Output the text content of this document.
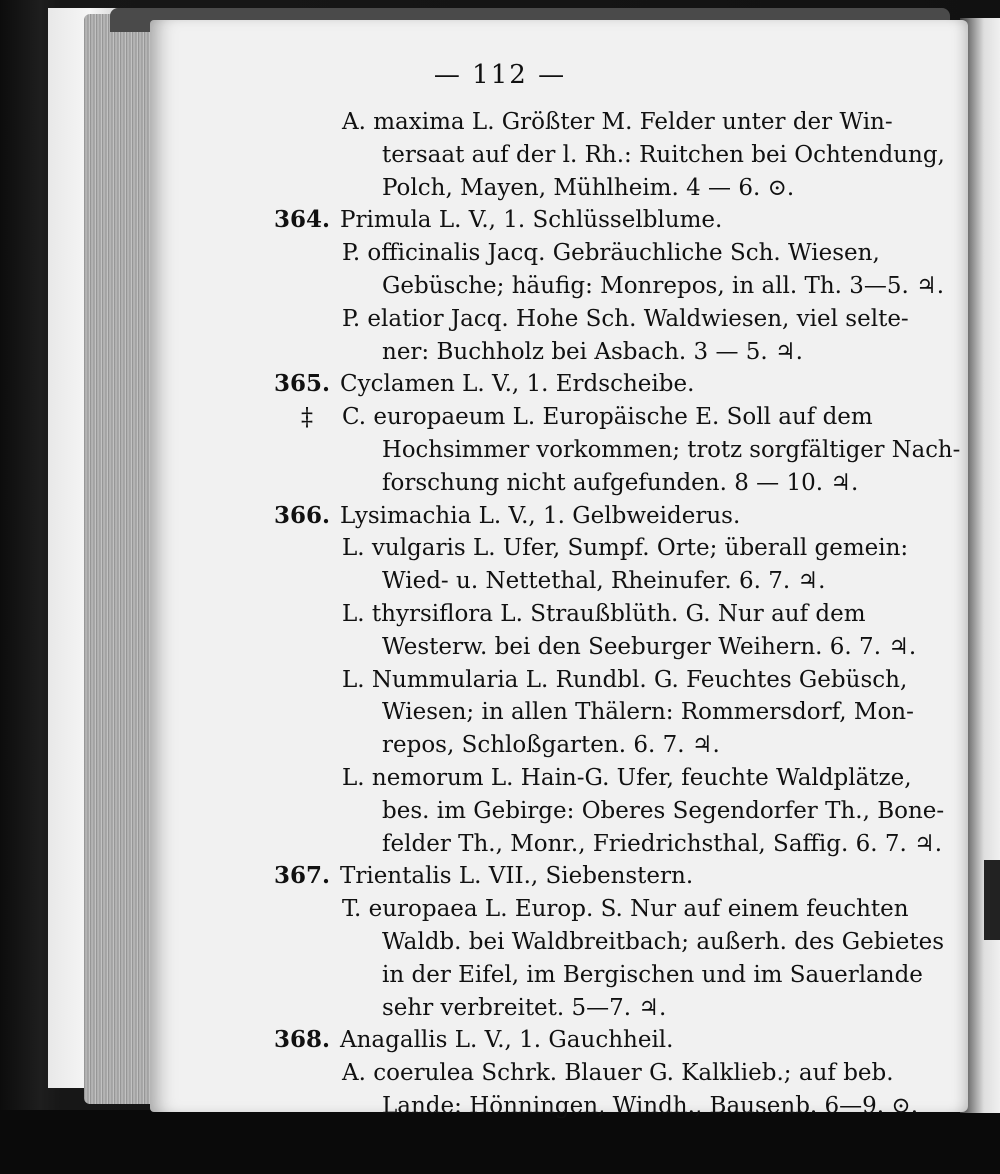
— 112 —
A. maxima L. Größter M. Felder unter der Win-
tersaat auf der l. Rh.: Ruitchen bei Ochtendung,
Polch, Mayen, Mühlheim. 4 — 6. ⊙.
364. Primula L. V., 1. Schlüsselblume.
P. officinalis Jacq. Gebräuchliche Sch. Wiesen,
Gebüsche; häufig: Monrepos, in all. Th. 3—5. ♃.
P. elatior Jacq. Hohe Sch. Waldwiesen, viel selte-
ner: Buchholz bei Asbach. 3 — 5. ♃.
365. Cyclamen L. V., 1. Erdscheibe.
‡	C. europaeum L. Europäische E. Soll auf dem
Hochsimmer vorkommen; trotz sorgfältiger Nach-
forschung nicht aufgefunden. 8 — 10. ♃.
366. Lysimachia L. V., 1. Gelbweiderus.
L. vulgaris L. Ufer, Sumpf. Orte; überall gemein:
Wied- u. Nettethal, Rheinufer. 6. 7. ♃.
L. thyrsiflora L. Straußblüth. G. Nur auf dem
Westerw. bei den Seeburger Weihern. 6. 7. ♃.
L. Nummularia L. Rundbl. G. Feuchtes Gebüsch,
Wiesen; in allen Thälern: Rommersdorf, Mon-
repos, Schloßgarten. 6. 7. ♃.
L. nemorum L. Hain-G. Ufer, feuchte Waldplätze,
bes. im Gebirge: Oberes Segendorfer Th., Bone-
felder Th., Monr., Friedrichsthal, Saffig. 6. 7. ♃.
367. Trientalis L. VII., Siebenstern.
T. europaea L. Europ. S. Nur auf einem feuchten
Waldb. bei Waldbreitbach; außerh. des Gebietes
in der Eifel, im Bergischen und im Sauerlande
sehr verbreitet. 5—7. ♃.
368. Anagallis L. V., 1. Gauchheil.
A. coerulea Schrk. Blauer G. Kalklieb.; auf beb.
Lande: Hönningen, Windh., Bausenb. 6—9. ⊙.
